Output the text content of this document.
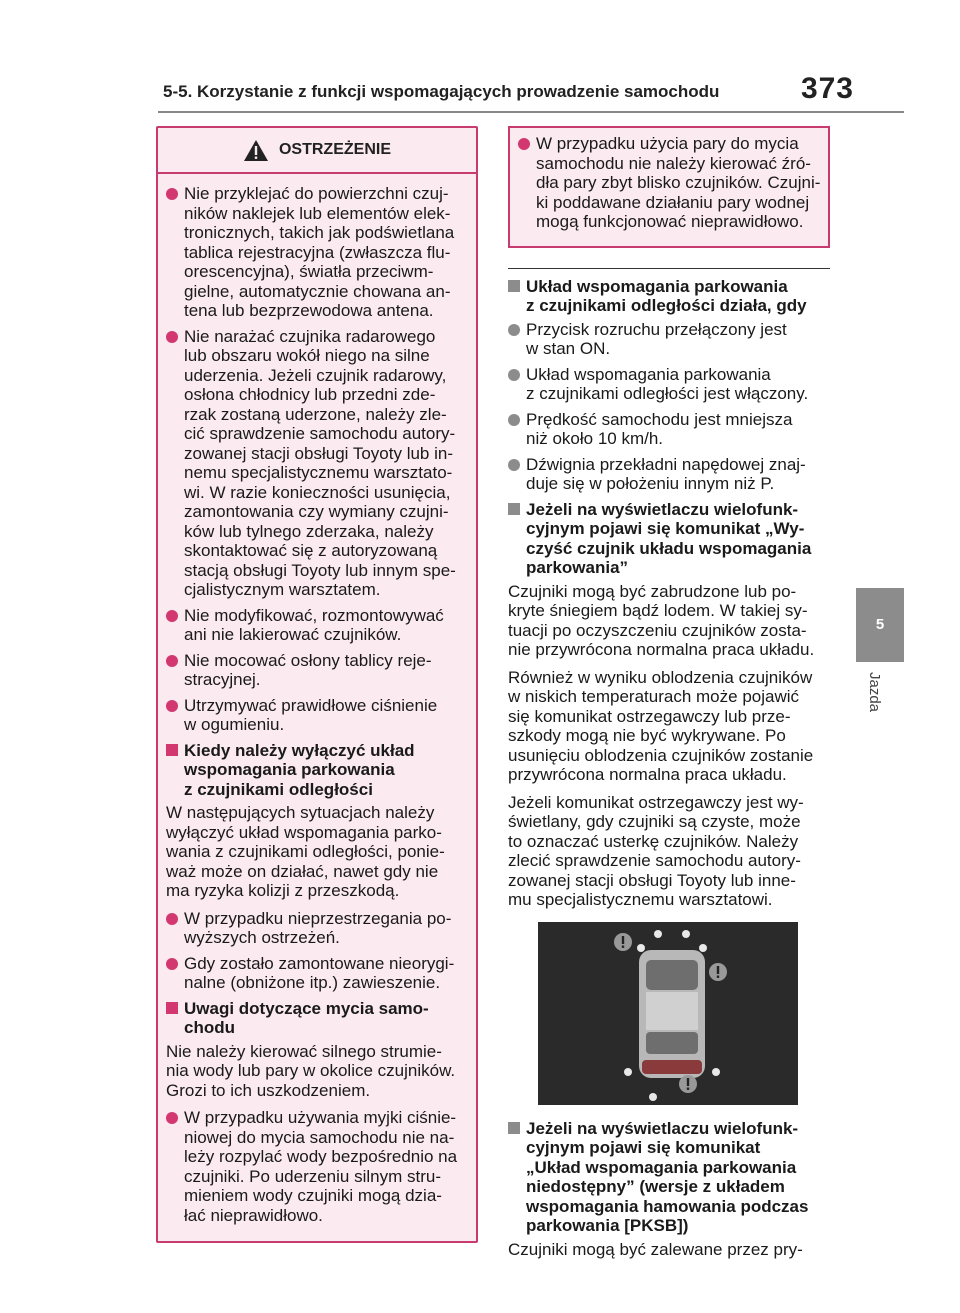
5-5. Korzystanie z funkcji wspomagających prowadzenie samochodu	373
5
Jazda
OSTRZEŻENIE
Nie przyklejać do powierzchni czuj-
ników naklejek lub elementów elek-
tronicznych, takich jak podświetlana
tablica rejestracyjna (zwłaszcza flu-
orescencyjna), światła przeciwm-
gielne, automatycznie chowana an-
tena lub bezprzewodowa antena.
Nie narażać czujnika radarowego
lub obszaru wokół niego na silne
uderzenia. Jeżeli czujnik radarowy,
osłona chłodnicy lub przedni zde-
rzak zostaną uderzone, należy zle-
cić sprawdzenie samochodu autory-
zowanej stacji obsługi Toyoty lub in-
nemu specjalistycznemu warsztato-
wi. W razie konieczności usunięcia,
zamontowania czy wymiany czujni-
ków lub tylnego zderzaka, należy
skontaktować się z autoryzowaną
stacją obsługi Toyoty lub innym spe-
cjalistycznym warsztatem.
Nie modyfikować, rozmontowywać
ani nie lakierować czujników.
Nie mocować osłony tablicy reje-
stracyjnej.
Utrzymywać prawidłowe ciśnienie
w ogumieniu.
Kiedy należy wyłączyć układ
wspomagania parkowania
z czujnikami odległości
W następujących sytuacjach należy
wyłączyć układ wspomagania parko-
wania z czujnikami odległości, ponie-
waż może on działać, nawet gdy nie
ma ryzyka kolizji z przeszkodą.
W przypadku nieprzestrzegania po-
wyższych ostrzeżeń.
Gdy zostało zamontowane nieorygi-
nalne (obniżone itp.) zawieszenie.
Uwagi dotyczące mycia samo-
chodu
Nie należy kierować silnego strumie-
nia wody lub pary w okolice czujników.
Grozi to ich uszkodzeniem.
W przypadku używania myjki ciśnie-
niowej do mycia samochodu nie na-
leży rozpylać wody bezpośrednio na
czujniki. Po uderzeniu silnym stru-
mieniem wody czujniki mogą dzia-
łać nieprawidłowo.
W przypadku użycia pary do mycia
samochodu nie należy kierować źró-
dła pary zbyt blisko czujników. Czujni-
ki poddawane działaniu pary wodnej
mogą funkcjonować nieprawidłowo.
Układ wspomagania parkowania
z czujnikami odległości działa, gdy
Przycisk rozruchu przełączony jest
w stan ON.
Układ wspomagania parkowania
z czujnikami odległości jest włączony.
Prędkość samochodu jest mniejsza
niż około 10 km/h.
Dźwignia przekładni napędowej znaj-
duje się w położeniu innym niż P.
Jeżeli na wyświetlaczu wielofunk-
cyjnym pojawi się komunikat „Wy-
czyść czujnik układu wspomagania
parkowania”
Czujniki mogą być zabrudzone lub po-
kryte śniegiem bądź lodem. W takiej sy-
tuacji po oczyszczeniu czujników zosta-
nie przywrócona normalna praca układu.
Również w wyniku oblodzenia czujników
w niskich temperaturach może pojawić
się komunikat ostrzegawczy lub prze-
szkody mogą nie być wykrywane. Po
usunięciu oblodzenia czujników zostanie
przywrócona normalna praca układu.
Jeżeli komunikat ostrzegawczy jest wy-
świetlany, gdy czujniki są czyste, może
to oznaczać usterkę czujników. Należy
zlecić sprawdzenie samochodu autory-
zowanej stacji obsługi Toyoty lub inne-
mu specjalistycznemu warsztatowi.
Jeżeli na wyświetlaczu wielofunk-
cyjnym pojawi się komunikat
„Układ wspomagania parkowania
niedostępny” (wersje z układem
wspomagania hamowania podczas
parkowania [PKSB])
Czujniki mogą być zalewane przez pry-
